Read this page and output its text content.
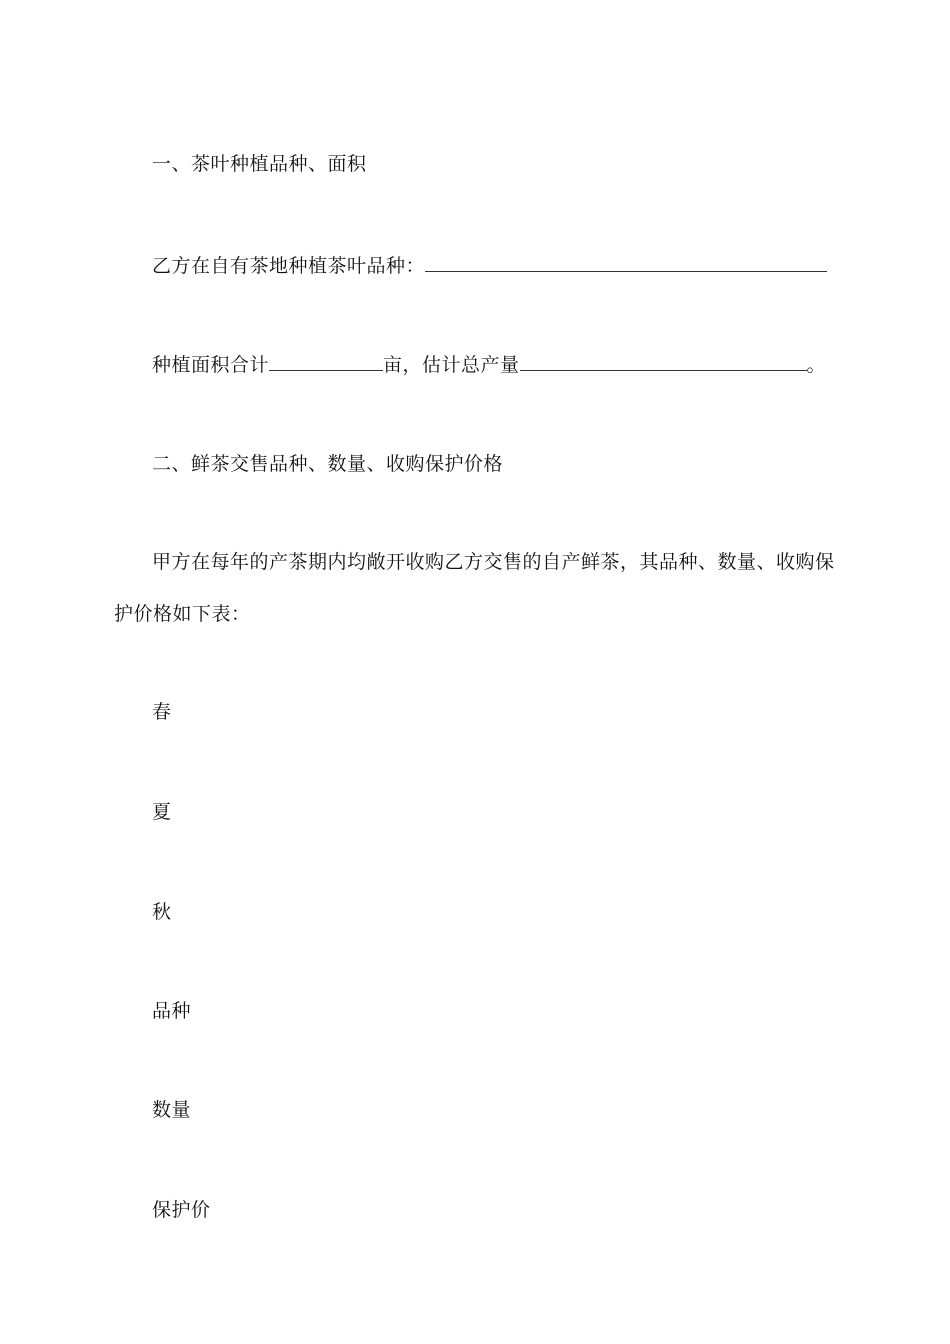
一、茶叶种植品种、面积
乙方在自有茶地种植茶叶品种：
种植面积合计	亩，估计总产量	。
二、鲜茶交售品种、数量、收购保护价格
甲方在每年的产茶期内均敞开收购乙方交售的自产鲜茶，其品种、数量、收购保
护价格如下表：
春
夏
秋
品种
数量
保护价
